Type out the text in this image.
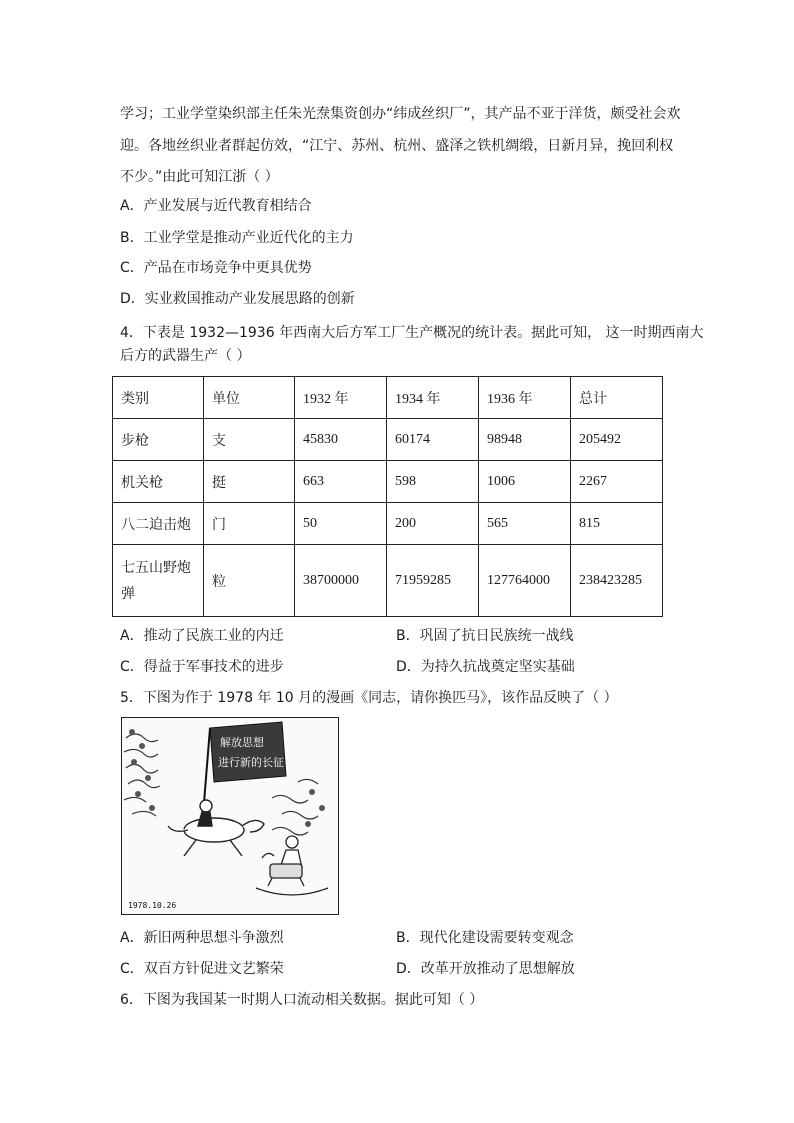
学习；工业学堂染织部主任朱光焘集资创办“纬成丝织厂”，其产品不亚于洋货，颇受社会欢
迎。各地丝织业者群起仿效，“江宁、苏州、杭州、盛泽之铁机绸缎，日新月异，挽回利权
不少。”由此可知江浙（ ）
A．产业发展与近代教育相结合
B．工业学堂是推动产业近代化的主力
C．产品在市场竞争中更具优势
D．实业救国推动产业发展思路的创新
4．下表是 1932—1936 年西南大后方军工厂生产概况的统计表。据此可知， 这一时期西南大
后方的武器生产（ ）
类别	单位	1932 年	1934 年	1936 年	总计
步枪	支	45830	60174	98948	205492
机关枪	挺	663	598	1006	2267
八二迫击炮	门	50	200	565	815
七五山野炮
弹	粒	38700000	71959285	127764000	238423285
A．推动了民族工业的内迁	B．巩固了抗日民族统一战线
C．得益于军事技术的进步	D．为持久抗战奠定坚实基础
5．下图为作于 1978 年 10 月的漫画《同志，请你换匹马》，该作品反映了（ ）
解放思想
进行新的长征
1978.10.26
A．新旧两种思想斗争激烈	B．现代化建设需要转变观念
C．双百方针促进文艺繁荣	D．改革开放推动了思想解放
6．下图为我国某一时期人口流动相关数据。据此可知（ ）
